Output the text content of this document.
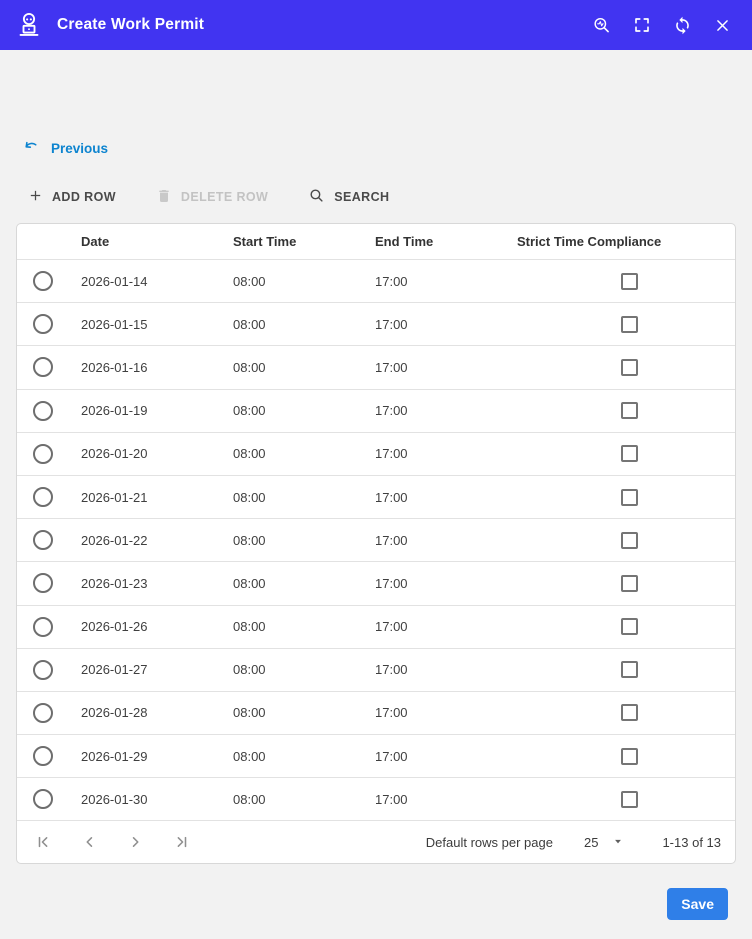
Create Work Permit
Previous
ADD ROW	DELETE ROW	SEARCH
Date	Start Time	End Time	Strict Time Compliance
2026-01-14	08:00	17:00
2026-01-15	08:00	17:00
2026-01-16	08:00	17:00
2026-01-19	08:00	17:00
2026-01-20	08:00	17:00
2026-01-21	08:00	17:00
2026-01-22	08:00	17:00
2026-01-23	08:00	17:00
2026-01-26	08:00	17:00
2026-01-27	08:00	17:00
2026-01-28	08:00	17:00
2026-01-29	08:00	17:00
2026-01-30	08:00	17:00
Default rows per page 25	1-13 of 13
Save
